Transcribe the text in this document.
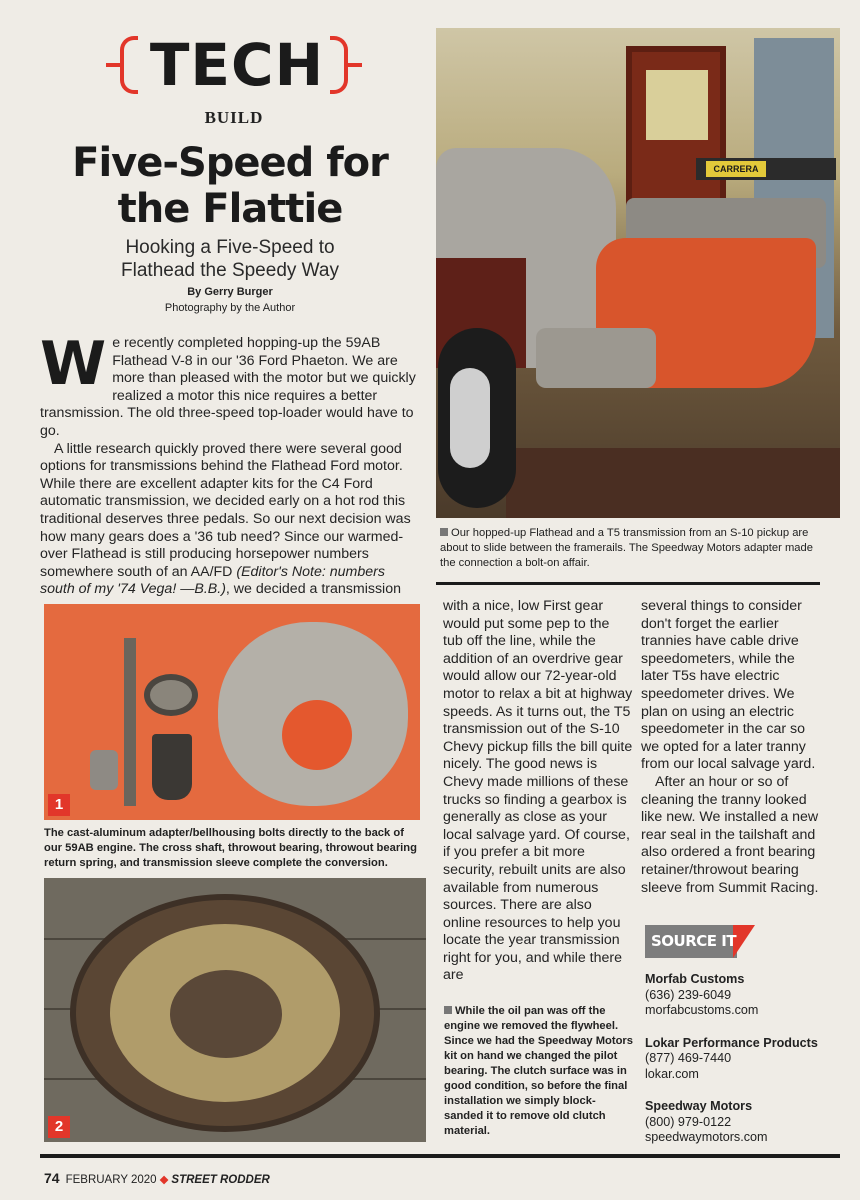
TECH
BUILD
Five-Speed for
the Flattie
Hooking a Five-Speed to
Flathead the Speedy Way
By Gerry Burger
Photography by the Author

We recently completed hopping-up the 59AB Flathead V-8 in our '36 Ford Phaeton. We are more than pleased with the motor but we quickly realized a motor this nice requires a better transmission. The old three-speed top-loader would have to go.

A little research quickly proved there were several good options for transmissions behind the Flathead Ford motor. While there are excellent adapter kits for the C4 Ford automatic transmission, we decided early on a hot rod this traditional deserves three pedals. So our next decision was how many gears does a '36 tub need? Since our warmed-over Flathead is still producing horsepower numbers somewhere south of an AA/FD (Editor's Note: numbers south of my '74 Vega! —B.B.), we decided a transmission

CARRERA
Our hopped-up Flathead and a T5 transmission from an S-10 pickup are about to slide between the framerails. The Speedway Motors adapter made the connection a bolt-on affair.
1
The cast-aluminum adapter/bellhousing bolts directly to the back of our 59AB engine. The cross shaft, throwout bearing, throwout bearing return spring, and transmission sleeve complete the conversion.
2

with a nice, low First gear would put some pep to the tub off the line, while the addition of an overdrive gear would allow our 72-year-old motor to relax a bit at highway speeds. As it turns out, the T5 transmission out of the S-10 Chevy pickup fills the bill quite nicely. The good news is Chevy made millions of these trucks so finding a gearbox is generally as close as your local salvage yard. Of course, if you prefer a bit more security, rebuilt units are also available from numerous sources. There are also online resources to help you locate the year transmission right for you, and while there are

While the oil pan was off the engine we removed the flywheel. Since we had the Speedway Motors kit on hand we changed the pilot bearing. The clutch surface was in good condition, so before the final installation we simply block-sanded it to remove old clutch material.

several things to consider don't forget the earlier trannies have cable drive speedometers, while the later T5s have electric speedometer drives. We plan on using an electric speedometer in the car so we opted for a later tranny from our local salvage yard.

After an hour or so of cleaning the tranny looked like new. We installed a new rear seal in the tailshaft and also ordered a front bearing retainer/throwout bearing sleeve from Summit Racing.

SOURCE IT
Morfab Customs
(636) 239-6049
morfabcustoms.com
Lokar Performance Products
(877) 469-7440
lokar.com
Speedway Motors
(800) 979-0122
speedwaymotors.com
74 FEBRUARY 2020 ◆ STREET RODDER
